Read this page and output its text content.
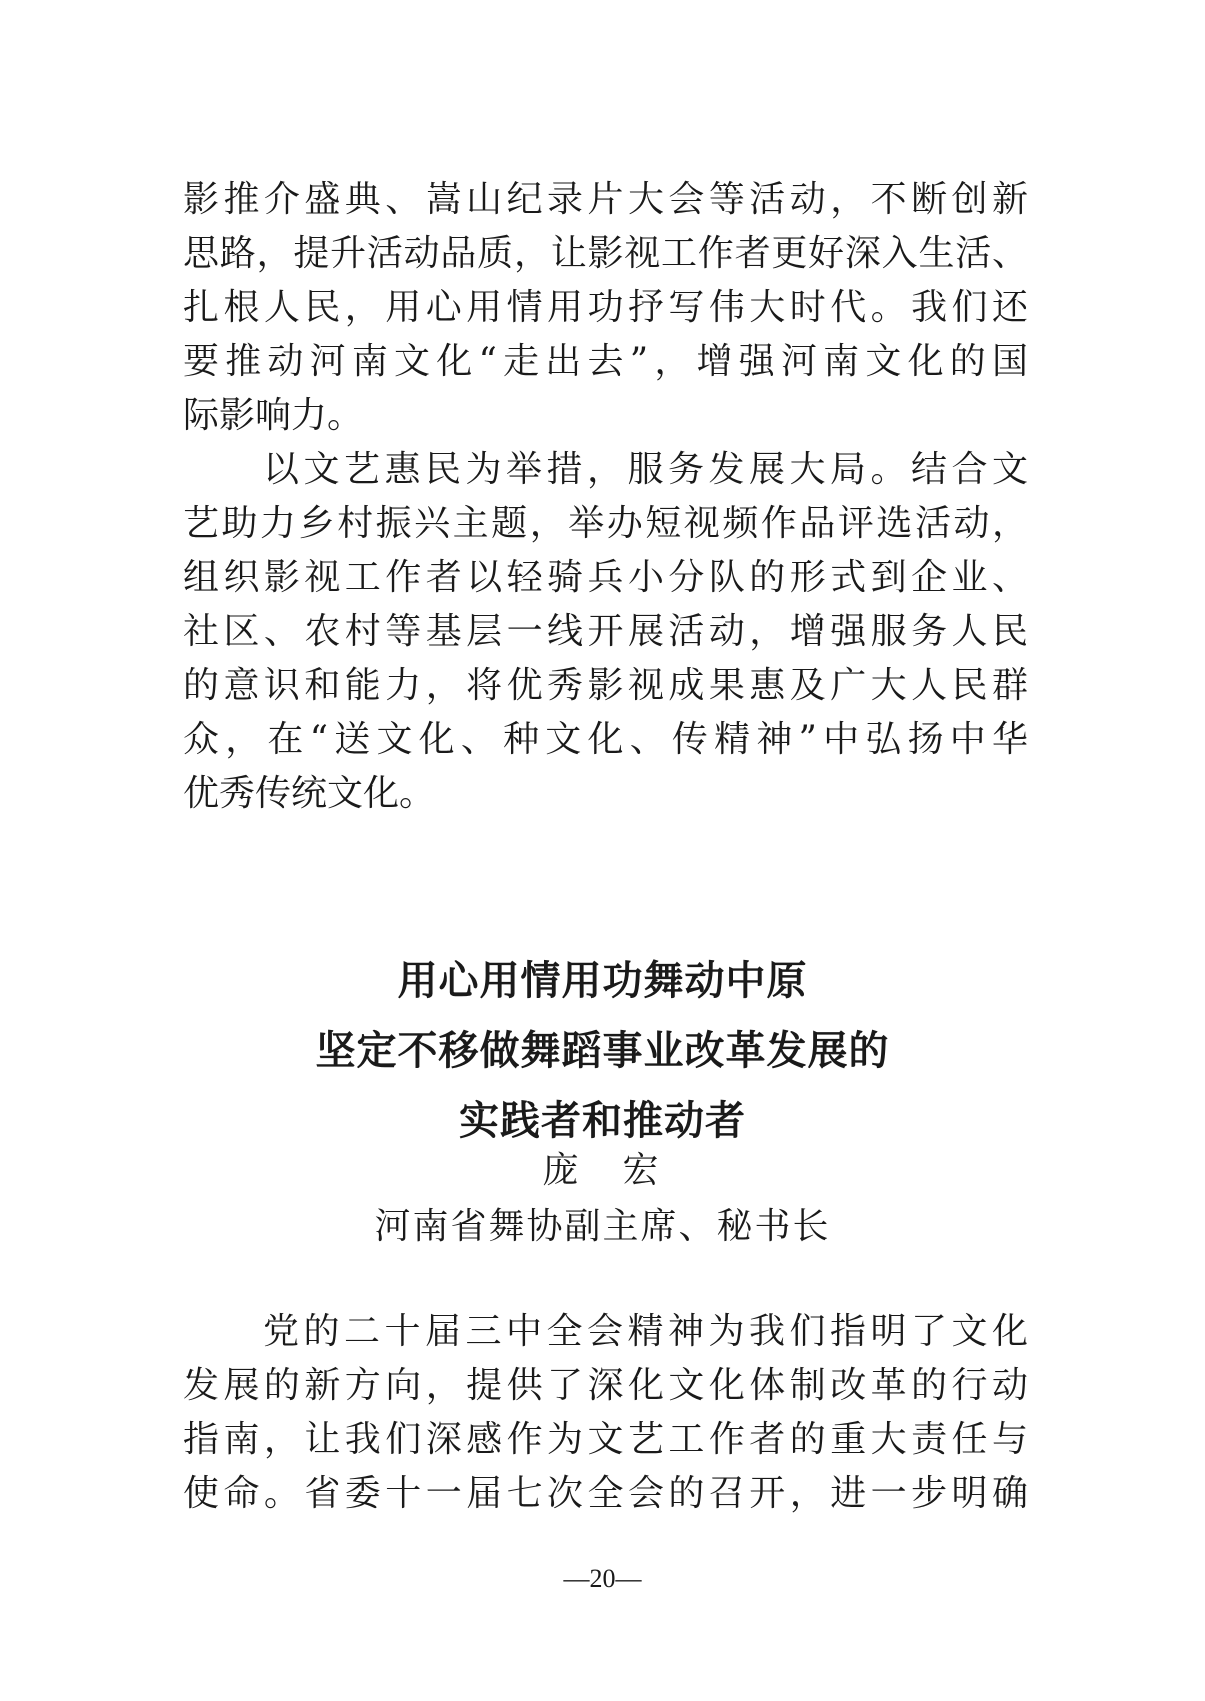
影推介盛典、嵩山纪录片大会等活动，不断创新
思路，提升活动品质，让影视工作者更好深入生活、
扎根人民，用心用情用功抒写伟大时代。我们还
要推动河南文化“走出去”，增强河南文化的国
际影响力。
以文艺惠民为举措，服务发展大局。结合文
艺助力乡村振兴主题，举办短视频作品评选活动，
组织影视工作者以轻骑兵小分队的形式到企业、
社区、农村等基层一线开展活动，增强服务人民
的意识和能力，将优秀影视成果惠及广大人民群
众，在“送文化、种文化、传精神”中弘扬中华
优秀传统文化。
用心用情用功舞动中原
坚定不移做舞蹈事业改革发展的
实践者和推动者
庞　宏
河南省舞协副主席、秘书长
党的二十届三中全会精神为我们指明了文化
发展的新方向，提供了深化文化体制改革的行动
指南，让我们深感作为文艺工作者的重大责任与
使命。省委十一届七次全会的召开，进一步明确
—20—
